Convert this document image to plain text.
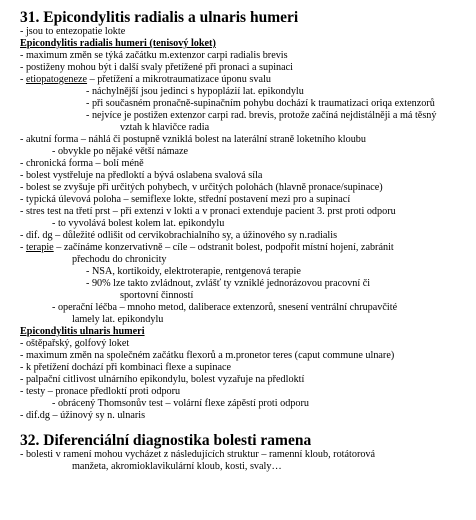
31. Epicondylitis radialis a ulnaris humeri
- jsou to entezopatie lokte
Epicondylitis radialis humeri (tenisový loket)
- maximum změn se týká začátku m.extenzor carpi radialis brevis
- postiženy mohou být i další svaly přetížené při pronaci a supinaci
- etiopatogeneze – přetížení a mikrotraumatizace úponu svalu
- náchylnější jsou jedinci s hypoplázií lat. epikondylu
- při současném pronačně-supinačním pohybu dochází k traumatizaci oriqa extenzorů
- nejvíce je postižen extenzor carpi rad. brevis, protože začíná nejdistálněji a má těsný
vztah k hlavičce radia
- akutní forma – náhlá či postupně vzniklá bolest na laterální straně loketního kloubu
- obvykle po nějaké větší námaze
- chronická forma – bolí méně
- bolest vystřeluje na předloktí a bývá oslabena svalová síla
- bolest se zvyšuje při určitých pohybech, v určitých polohách (hlavně pronace/supinace)
- typická úlevová poloha – semiflexe lokte, střední postavení mezi pro a supinací
- stres test na třetí prst – při extenzi v lokti a v pronaci extenduje pacient 3. prst proti odporu
- to vyvolává bolest kolem lat. epikondylu
- dif. dg – důležité odlišit od cervikobrachialního sy, a úžinového sy n.radialis
- terapie – začínáme konzervativně – cíle – odstranit bolest, podpořit místní hojení, zabránit
přechodu do chronicity
- NSA, kortikoidy, elektroterapie, rentgenová terapie
- 90% lze takto zvládnout, zvlášť ty vzniklé jednorázovou pracovní či
sportovní činností
- operační léčba – mnoho metod, daliberace extenzorů, snesení ventrální chrupavčité
lamely lat. epikondylu
Epicondylitis ulnaris humeri
- oštěpařský, golfový loket
- maximum změn na společném začátku flexorů a m.pronetor teres (caput commune ulnare)
- k přetížení dochází při kombinaci flexe a supinace
- palpační citlivost ulnárního epikondylu, bolest vyzařuje na předloktí
- testy – pronace předloktí proti odporu
- obrácený Thomsonův test – volární flexe zápěstí proti odporu
- dif.dg – úžinový sy n. ulnaris
32. Diferenciální diagnostika bolesti ramena
- bolesti v ramení mohou vycházet z následujících struktur – ramenní kloub, rotátorová
manžeta, akromioklavikulární kloub, kosti, svaly…
